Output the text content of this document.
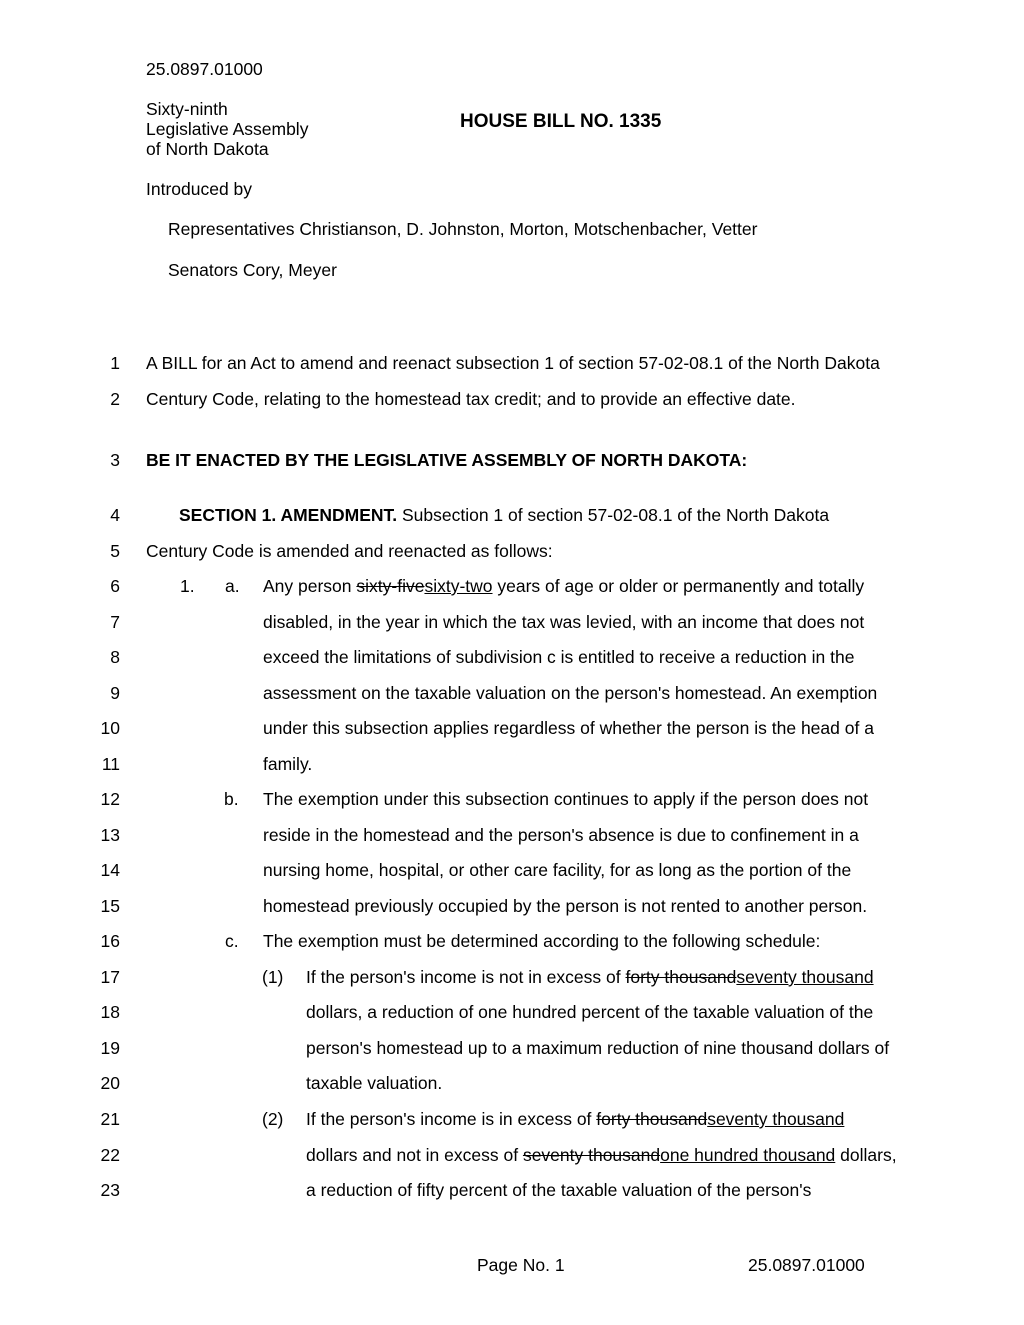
25.0897.01000
Sixty-ninth
Legislative Assembly
of North Dakota
HOUSE BILL NO. 1335
Introduced by
Representatives Christianson, D. Johnston, Morton, Motschenbacher, Vetter
Senators Cory, Meyer
1
2
3
4
5
6
7
8
9
10
11
12
13
14
15
16
17
18
19
20
21
22
23
A BILL for an Act to amend and reenact subsection 1 of section 57-02-08.1 of the North Dakota
Century Code, relating to the homestead tax credit; and to provide an effective date.
BE IT ENACTED BY THE LEGISLATIVE ASSEMBLY OF NORTH DAKOTA:
SECTION 1. AMENDMENT. Subsection 1 of section 57-02-08.1 of the North Dakota
Century Code is amended and reenacted as follows:
1. a. Any person sixty-fivesixty-two years of age or older or permanently and totally
disabled, in the year in which the tax was levied, with an income that does not
exceed the limitations of subdivision c is entitled to receive a reduction in the
assessment on the taxable valuation on the person's homestead. An exemption
under this subsection applies regardless of whether the person is the head of a
family.
b. The exemption under this subsection continues to apply if the person does not
reside in the homestead and the person's absence is due to confinement in a
nursing home, hospital, or other care facility, for as long as the portion of the
homestead previously occupied by the person is not rented to another person.
c. The exemption must be determined according to the following schedule:
(1) If the person's income is not in excess of forty thousandseventy thousand
dollars, a reduction of one hundred percent of the taxable valuation of the
person's homestead up to a maximum reduction of nine thousand dollars of
taxable valuation.
(2) If the person's income is in excess of forty thousandseventy thousand
dollars and not in excess of seventy thousandone hundred thousand dollars,
a reduction of fifty percent of the taxable valuation of the person's
Page No. 1	25.0897.01000
